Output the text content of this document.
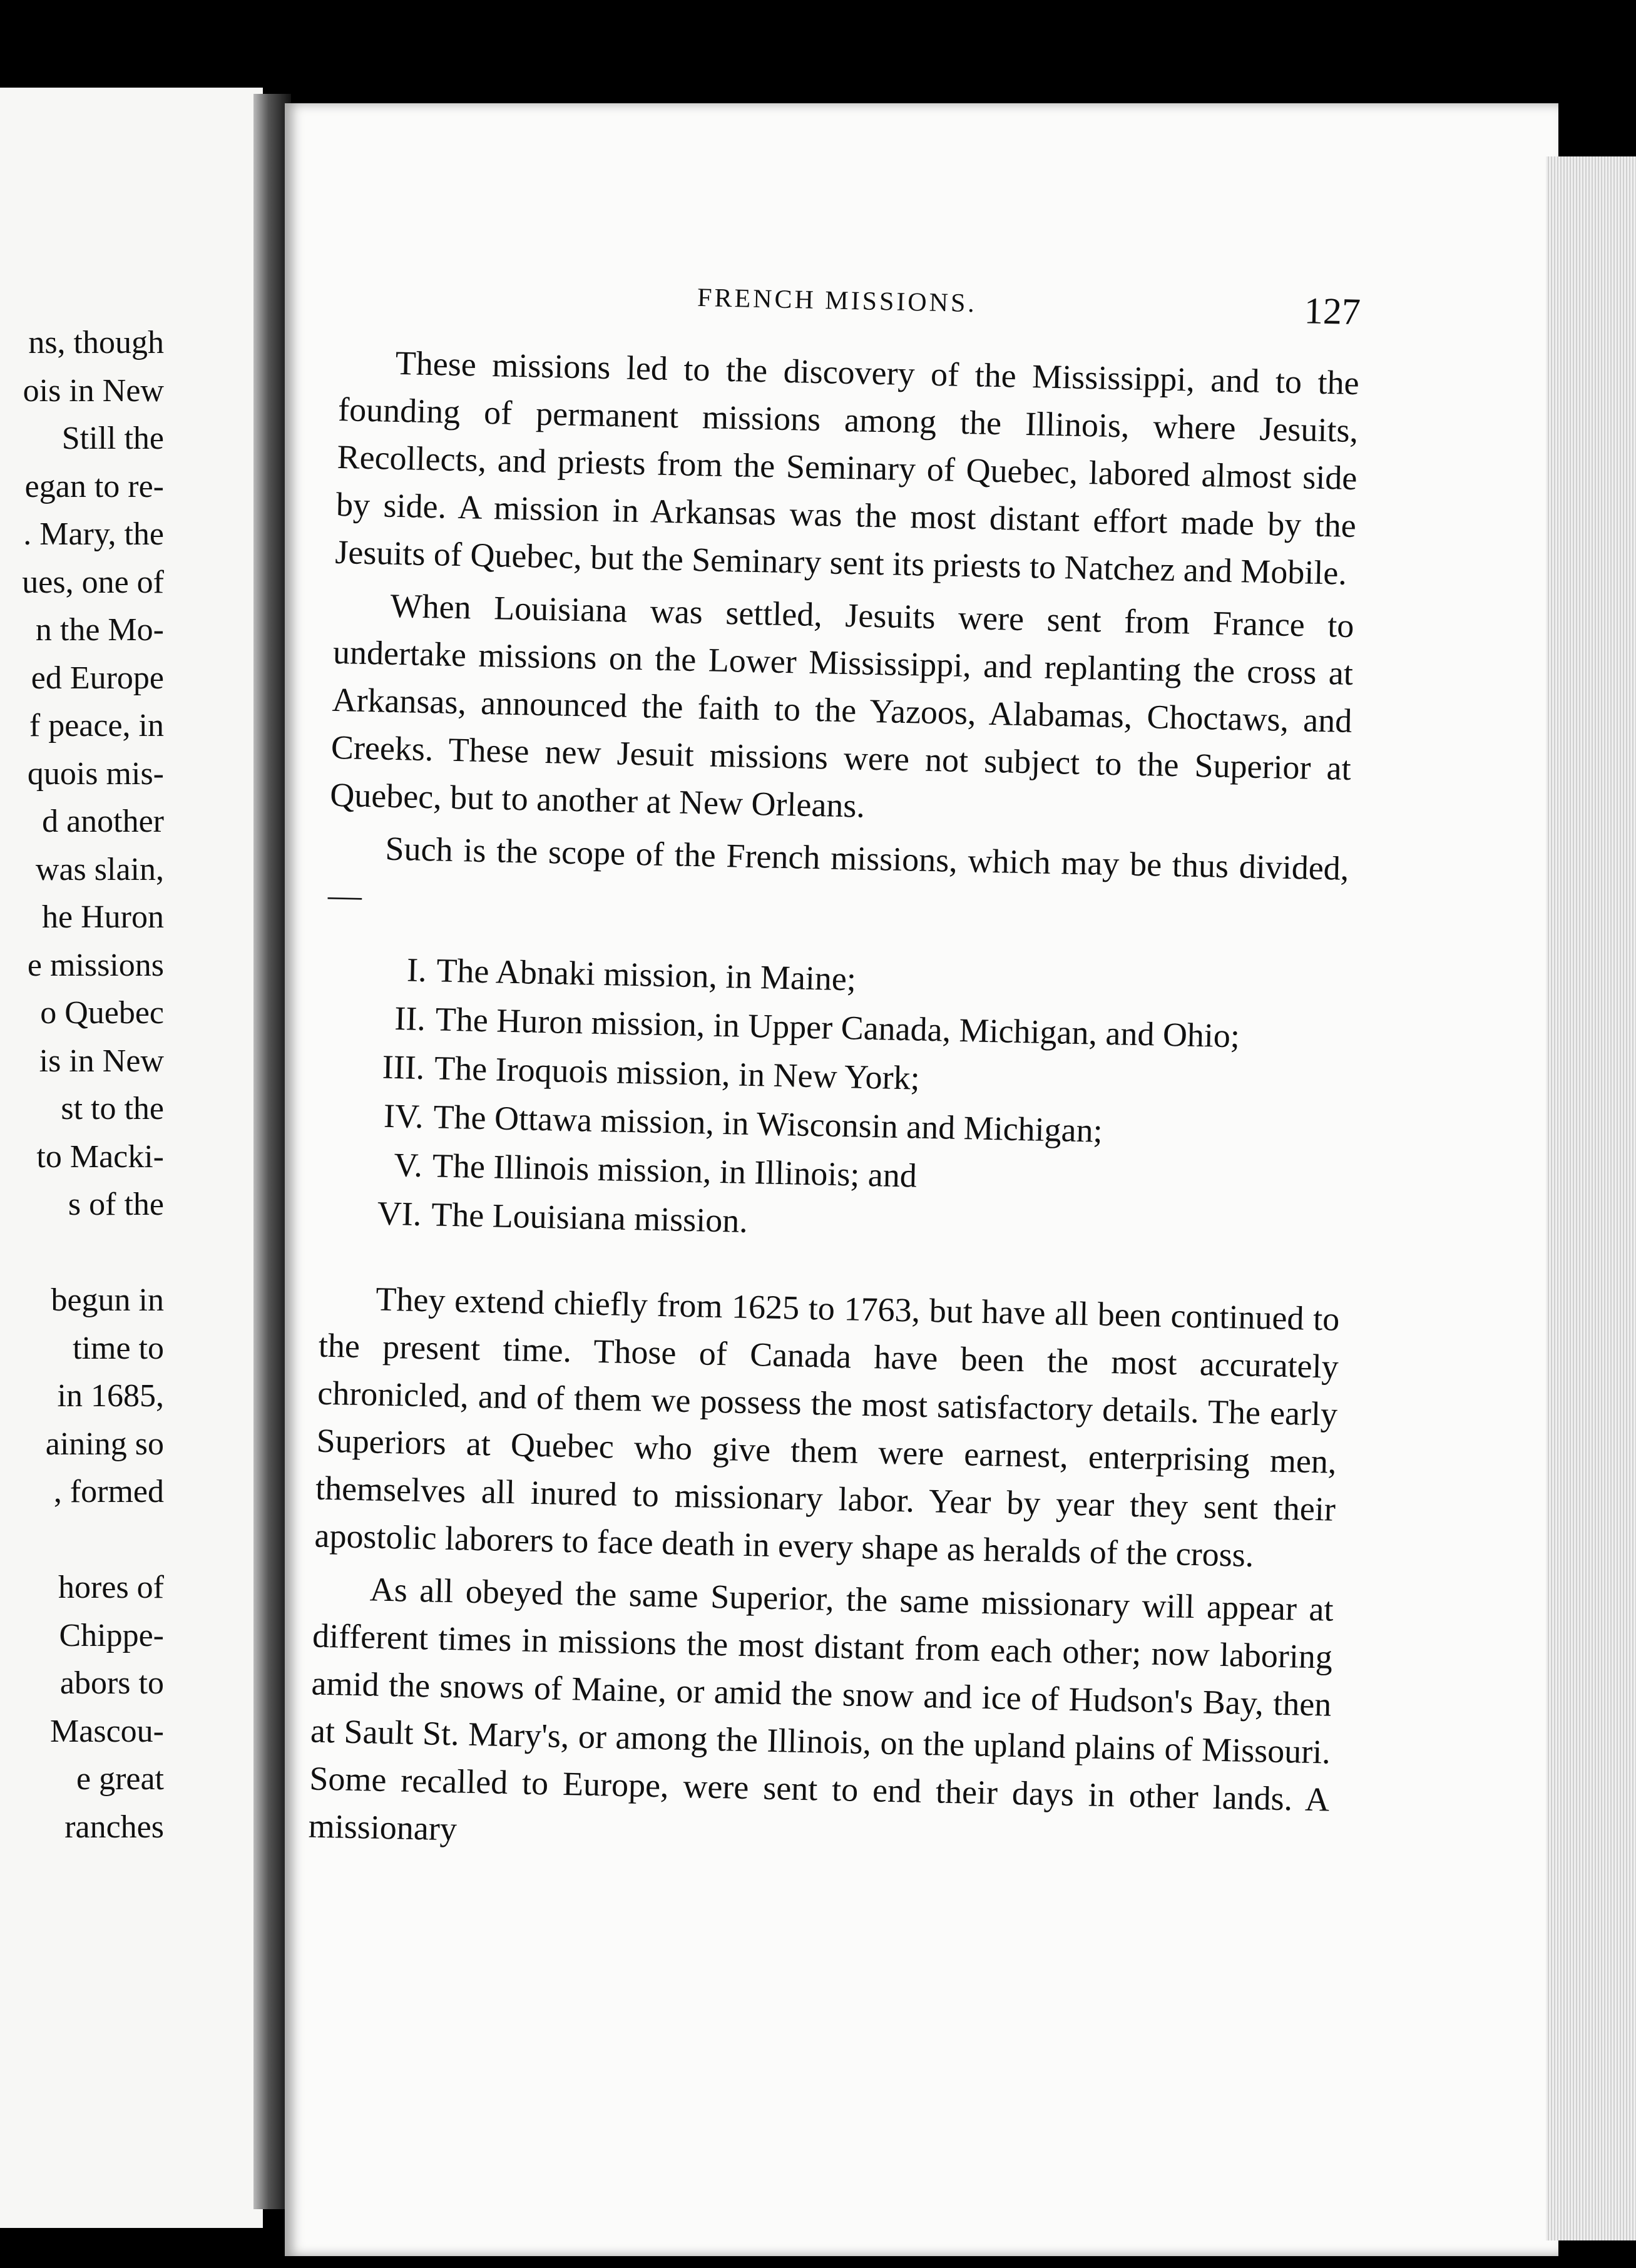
ns, though
ois in New
Still the
egan to re-
. Mary, the
ues, one of
n the Mo-
ed Europe
f peace, in
quois mis-
d another
was slain,
he Huron
e missions
o Quebec
is in New
st to the
to Macki-
s of the
begun in
time to
in 1685,
aining so
, formed
hores of
Chippe-
abors to
Mascou-
e great
ranches
FRENCH MISSIONS.	127

These missions led to the discovery of the Mississippi, and to the founding of permanent missions among the Illinois, where Jesuits, Recollects, and priests from the Seminary of Quebec, labored almost side by side. A mission in Arkansas was the most distant effort made by the Jesuits of Quebec, but the Seminary sent its priests to Natchez and Mobile.

When Louisiana was settled, Jesuits were sent from France to undertake missions on the Lower Mississippi, and replanting the cross at Arkansas, announced the faith to the Yazoos, Alabamas, Choctaws, and Creeks. These new Jesuit missions were not subject to the Superior at Quebec, but to another at New Orleans.

Such is the scope of the French missions, which may be thus divided,—

I. The Abnaki mission, in Maine;
II. The Huron mission, in Upper Canada, Michigan, and Ohio;
III. The Iroquois mission, in New York;
IV. The Ottawa mission, in Wisconsin and Michigan;
V. The Illinois mission, in Illinois; and
VI. The Louisiana mission.

They extend chiefly from 1625 to 1763, but have all been continued to the present time. Those of Canada have been the most accurately chronicled, and of them we possess the most satisfactory details. The early Superiors at Quebec who give them were earnest, enterprising men, themselves all inured to missionary labor. Year by year they sent their apostolic laborers to face death in every shape as heralds of the cross.

As all obeyed the same Superior, the same missionary will appear at different times in missions the most distant from each other; now laboring amid the snows of Maine, or amid the snow and ice of Hudson's Bay, then at Sault St. Mary's, or among the Illinois, on the upland plains of Missouri. Some recalled to Europe, were sent to end their days in other lands. A missionary
